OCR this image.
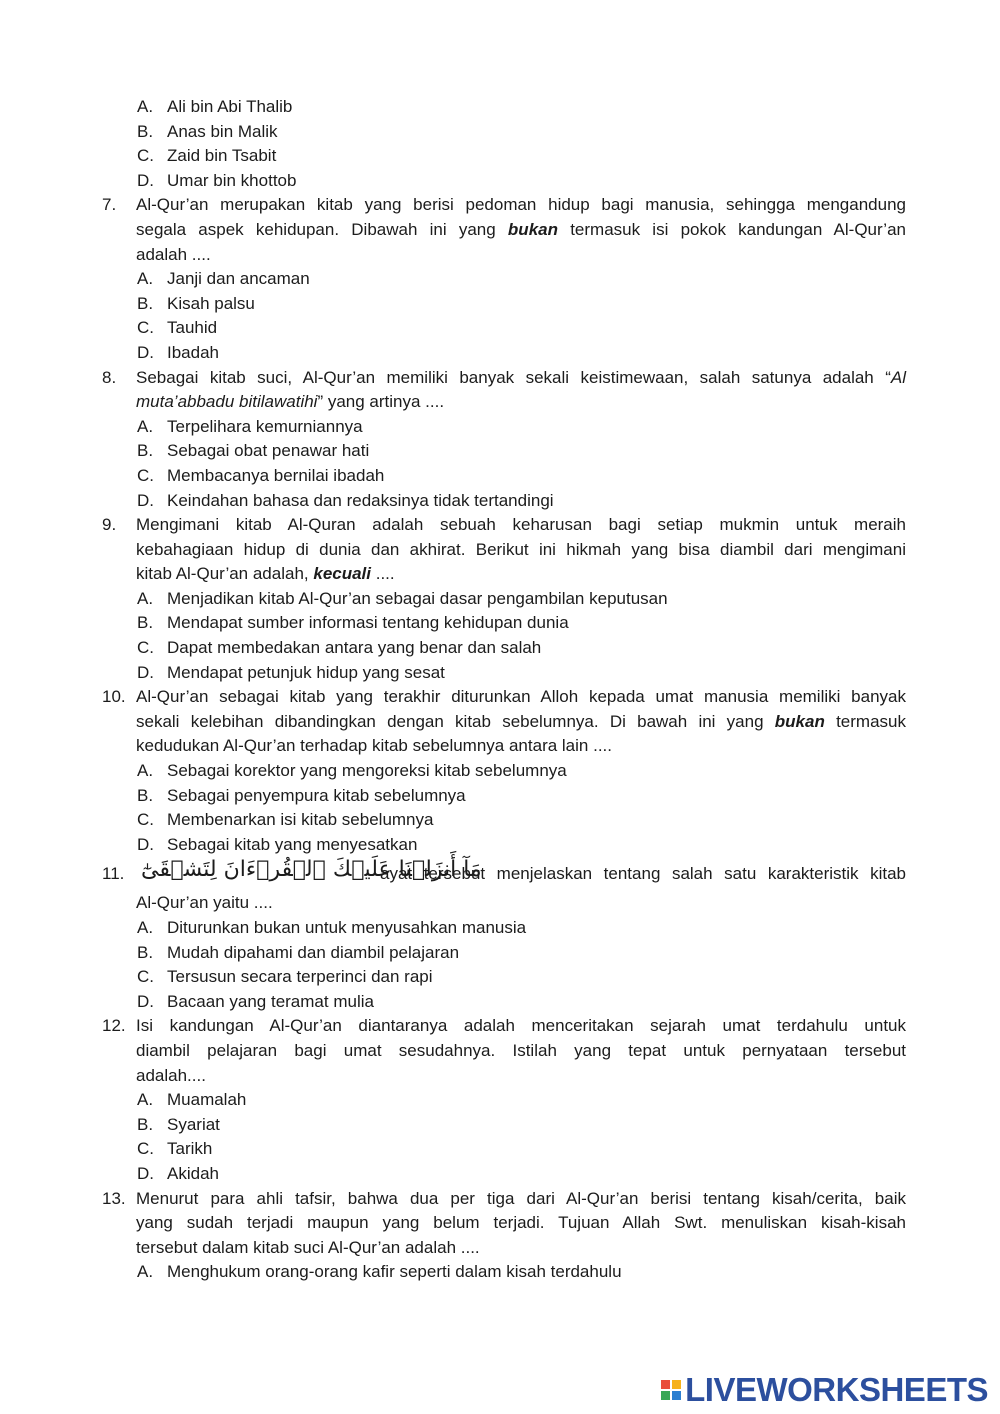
A. Ali bin Abi Thalib
B. Anas bin Malik
C. Zaid bin Tsabit
D. Umar bin khottob
7. Al-Qur’an merupakan kitab yang berisi pedoman hidup bagi manusia, sehingga mengandung
segala aspek kehidupan. Dibawah ini yang bukan termasuk isi pokok kandungan Al-Qur’an
adalah ....
A. Janji dan ancaman
B. Kisah palsu
C. Tauhid
D. Ibadah
8. Sebagai kitab suci, Al-Qur’an memiliki banyak sekali keistimewaan, salah satunya adalah “Al
muta’abbadu bitilawatihi” yang artinya ....
A. Terpelihara kemurniannya
B. Sebagai obat penawar hati
C. Membacanya bernilai ibadah
D. Keindahan bahasa dan redaksinya tidak tertandingi
9. Mengimani kitab Al-Quran adalah sebuah keharusan bagi setiap mukmin untuk meraih
kebahagiaan hidup di dunia dan akhirat. Berikut ini hikmah yang bisa diambil dari mengimani
kitab Al-Qur’an adalah, kecuali ....
A. Menjadikan kitab Al-Qur’an sebagai dasar pengambilan keputusan
B. Mendapat sumber informasi tentang kehidupan dunia
C. Dapat membedakan antara yang benar dan salah
D. Mendapat petunjuk hidup yang sesat
10. Al-Qur’an sebagai kitab yang terakhir diturunkan Alloh kepada umat manusia memiliki banyak
sekali kelebihan dibandingkan dengan kitab sebelumnya. Di bawah ini yang bukan termasuk
kedudukan Al-Qur’an terhadap kitab sebelumnya antara lain ....
A. Sebagai korektor yang mengoreksi kitab sebelumnya
B. Sebagai penyempura kitab sebelumnya
C. Membenarkan isi kitab sebelumnya
D. Sebagai kitab yang menyesatkan
11. مَآ أَنزَلۡنَا عَلَيۡكَ ٱلۡقُرۡءَانَ لِتَشۡقَىٰٓ
ayat tersebut menjelaskan tentang salah satu karakteristik kitab
Al-Qur’an yaitu ....
A. Diturunkan bukan untuk menyusahkan manusia
B. Mudah dipahami dan diambil pelajaran
C. Tersusun secara terperinci dan rapi
D. Bacaan yang teramat mulia
12. Isi kandungan Al-Qur’an diantaranya adalah menceritakan sejarah umat terdahulu untuk
diambil pelajaran bagi umat sesudahnya. Istilah yang tepat untuk pernyataan tersebut
adalah....
A. Muamalah
B. Syariat
C. Tarikh
D. Akidah
13. Menurut para ahli tafsir, bahwa dua per tiga dari Al-Qur’an berisi tentang kisah/cerita, baik
yang sudah terjadi maupun yang belum terjadi. Tujuan Allah Swt. menuliskan kisah-kisah
tersebut dalam kitab suci Al-Qur’an adalah ....
A. Menghukum orang-orang kafir seperti dalam kisah terdahulu
LIVEWORKSHEETS
